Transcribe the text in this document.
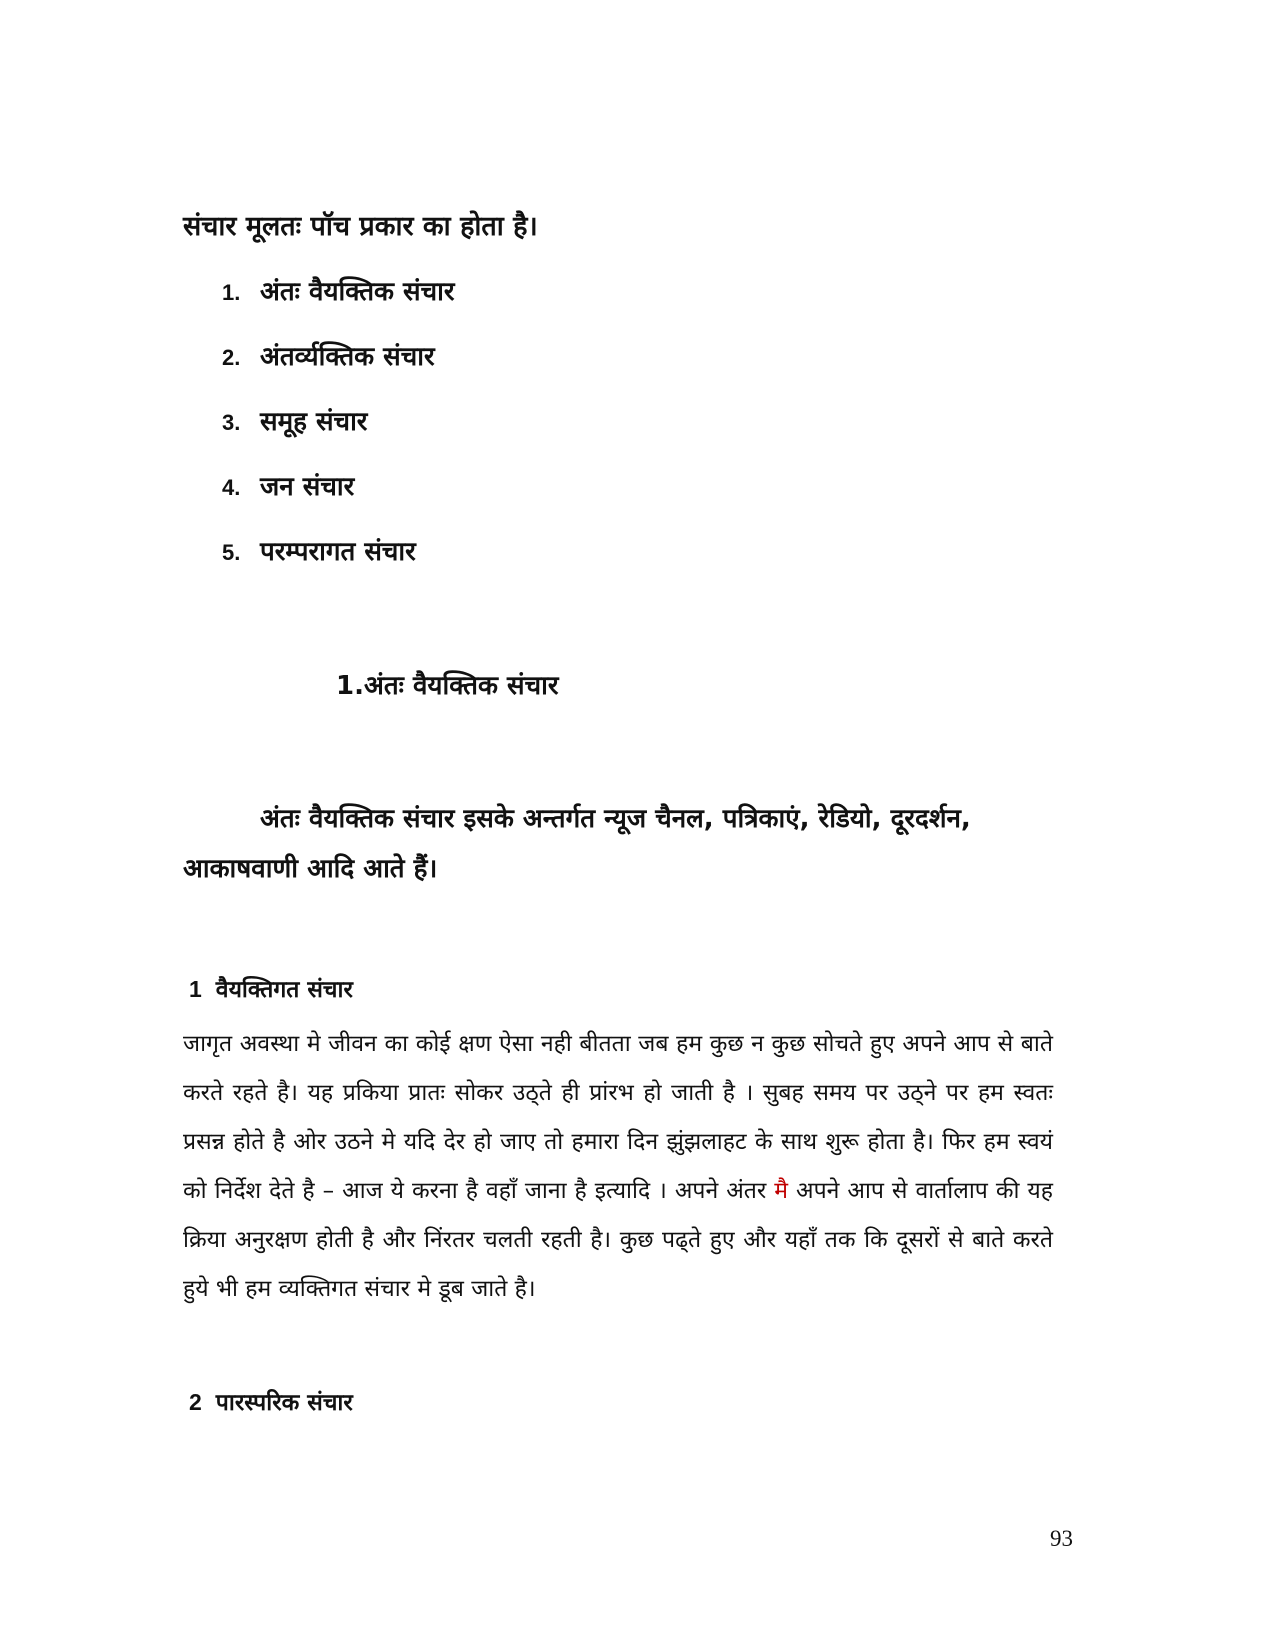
संचार मूलतः पॉच प्रकार का होता है।

1. अंतः वैयक्तिक संचार
2. अंतर्व्यक्तिक संचार
3. समूह संचार
4. जन संचार
5. परम्परागत संचार
1.अंतः वैयक्तिक संचार

अंतः वैयक्तिक संचार इसके अन्तर्गत न्यूज चैनल, पत्रिकाएं, रेडियो, दूरदर्शन, आकाषवाणी आदि आते हैं।

1 वैयक्तिगत संचार

जागृत अवस्था मे जीवन का कोई क्षण ऐसा नही बीतता जब हम कुछ न कुछ सोचते हुए अपने आप से बाते करते रहते है। यह प्रकिया प्रातः सोकर उठ्ते ही प्रांरभ हो जाती है । सुबह समय पर उठ्ने पर हम स्वतः प्रसन्न होते है ओर उठने मे यदि देर हो जाए तो हमारा दिन झुंझलाहट के साथ शुरू होता है। फिर हम स्वयं को निर्देश देते है – आज ये करना है वहाँ जाना है इत्यादि । अपने अंतर मै अपने आप से वार्तालाप की यह क्रिया अनुरक्षण होती है और निंरतर चलती रहती है। कुछ पढ्ते हुए और यहाँ तक कि दूसरों से बाते करते हुये भी हम व्यक्तिगत संचार मे डूब जाते है।

2 पारस्परिक संचार
93
